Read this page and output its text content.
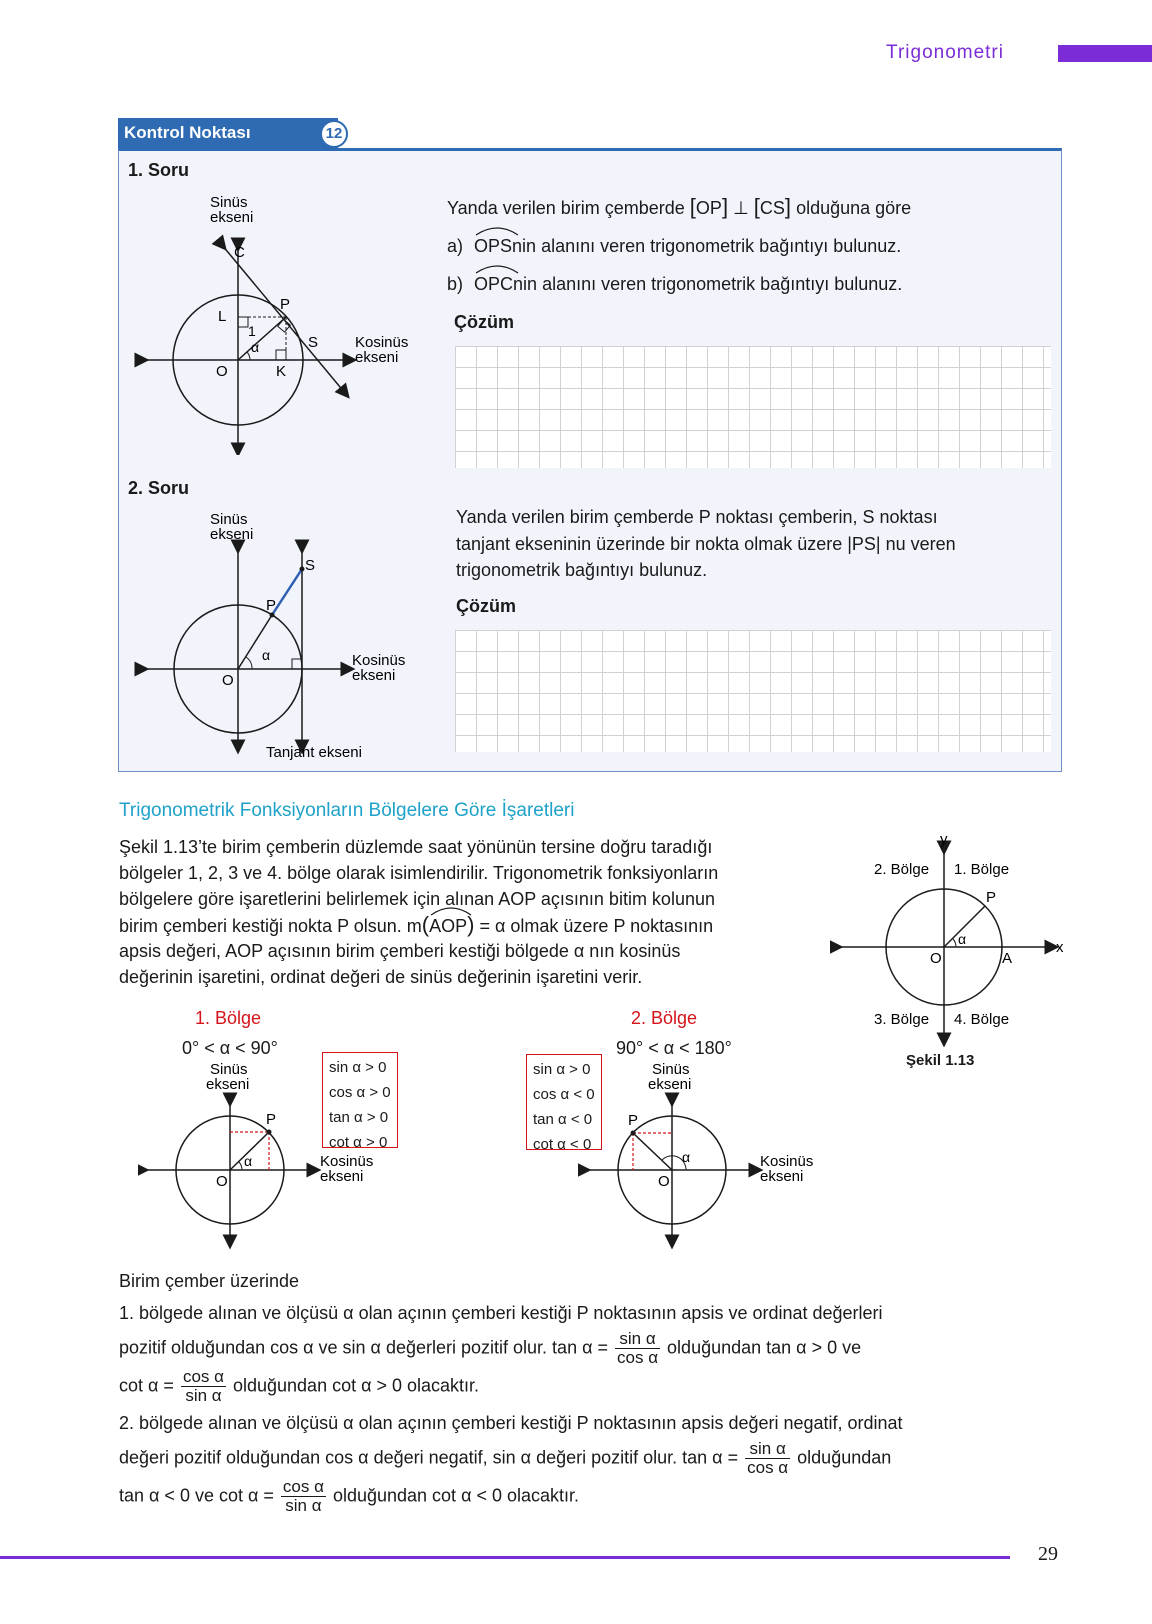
Trigonometri
Kontrol Noktası	12
1. Soru
Sinüs
ekseni
Kosinüs
ekseni
C
P
L
S
O	K
1
α
Yanda verilen birim çemberde [OP] ⊥ [CS] olduğuna göre
a) OPS
nin alanını veren trigonometrik bağıntıyı bulunuz.
b) OPC
nin alanını veren trigonometrik bağıntıyı bulunuz.
Çözüm
2. Soru
Sinüs
ekseni
Kosinüs
ekseni
Tanjant ekseni
S
P
O
α
Yanda verilen birim çemberde P noktası çemberin, S noktası
tanjant ekseninin üzerinde bir nokta olmak üzere |PS| nu veren
trigonometrik bağıntıyı bulunuz.
Çözüm
Trigonometrik Fonksiyonların Bölgelere Göre İşaretleri
Şekil 1.13’te birim çemberin düzlemde saat yönünün tersine doğru taradığı
bölgeler 1, 2, 3 ve 4. bölge olarak isimlendirilir. Trigonometrik fonksiyonların
bölgelere göre işaretlerini belirlemek için alınan AOP açısının bitim kolunun
birim çemberi kestiği nokta P olsun. m(AOP
) = α olmak üzere P noktasının
apsis değeri, AOP açısının birim çemberi kestiği bölgede α nın kosinüs
değerinin işaretini, ordinat değeri de sinüs değerinin işaretini verir.
y
x
O	A
P
α
2. Bölge 1. Bölge
3. Bölge 4. Bölge
Şekil 1.13
1. Bölge
0° < α < 90°
sin α > 0
cos α > 0
tan α > 0
cot α > 0
Sinüs
ekseni
Kosinüs
ekseni
P
O
α
2. Bölge
90° < α < 180°
sin α > 0
cos α < 0
tan α < 0
cot α < 0
Sinüs
ekseni
Kosinüs
ekseni
P
O
α
Birim çember üzerinde
1. bölgede alınan ve ölçüsü α olan açının çemberi kestiği P noktasının apsis ve ordinat değerleri
pozitif olduğundan cos α ve sin α değerleri pozitif olur. $\tan \alpha = \frac{\text{sin α}}{\text{cos α}}$ olduğundan tan α > 0 ve
$\cot \alpha = \frac{\text{cos α}}{\text{sin α}}$ olduğundan cot α > 0 olacaktır.
2. bölgede alınan ve ölçüsü α olan açının çemberi kestiği P noktasının apsis değeri negatif, ordinat
değeri pozitif olduğundan cos α değeri negatif, sin α değeri pozitif olur. $\tan \alpha = \frac{\text{sin α}}{\text{cos α}}$ olduğundan
tan α < 0 ve $\cot \alpha = \frac{\text{cos α}}{\text{sin α}}$ olduğundan cot α < 0 olacaktır.
29
